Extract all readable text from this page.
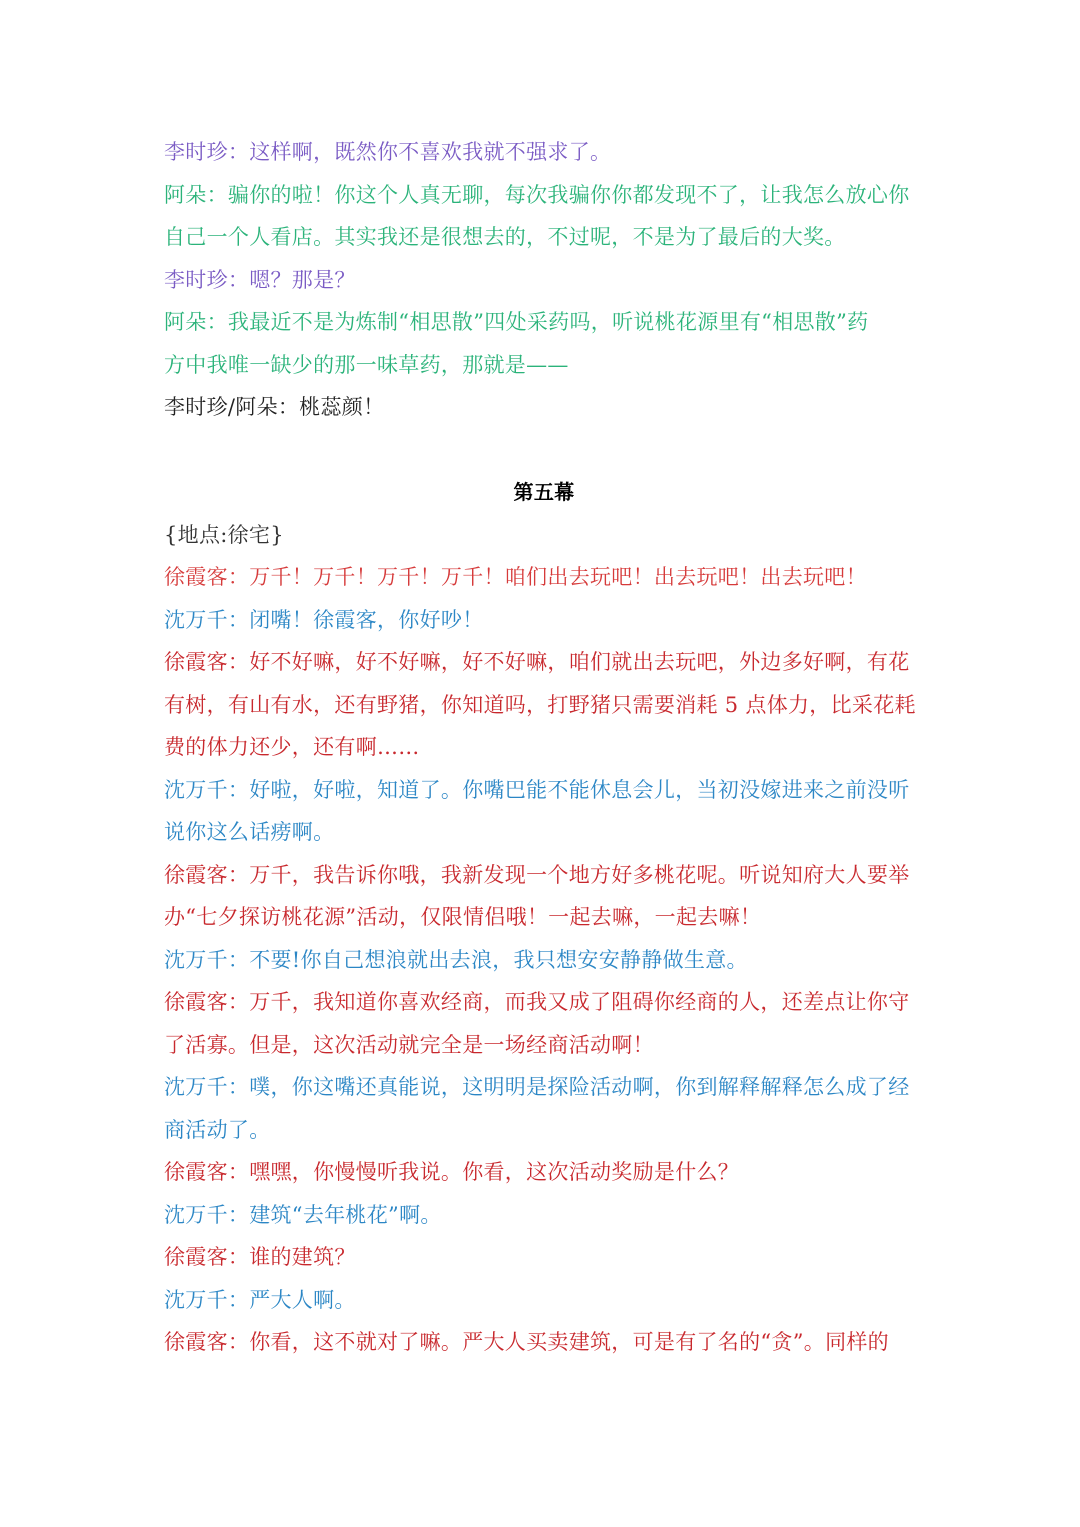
李时珍：这样啊，既然你不喜欢我就不强求了。
阿朵：骗你的啦！你这个人真无聊，每次我骗你你都发现不了，让我怎么放心你
自己一个人看店。其实我还是很想去的，不过呢，不是为了最后的大奖。
李时珍：嗯？那是？
阿朵：我最近不是为炼制“相思散”四处采药吗，听说桃花源里有“相思散”药
方中我唯一缺少的那一味草药，那就是——
李时珍/阿朵：桃蕊颜！
第五幕
{地点:徐宅}
徐霞客：万千！万千！万千！万千！咱们出去玩吧！出去玩吧！出去玩吧！
沈万千：闭嘴！徐霞客，你好吵！
徐霞客：好不好嘛，好不好嘛，好不好嘛，咱们就出去玩吧，外边多好啊，有花
有树，有山有水，还有野猪，你知道吗，打野猪只需要消耗 5 点体力，比采花耗
费的体力还少，还有啊……
沈万千：好啦，好啦，知道了。你嘴巴能不能休息会儿，当初没嫁进来之前没听
说你这么话痨啊。
徐霞客：万千，我告诉你哦，我新发现一个地方好多桃花呢。听说知府大人要举
办“七夕探访桃花源”活动，仅限情侣哦！一起去嘛，一起去嘛！
沈万千：不要!你自己想浪就出去浪，我只想安安静静做生意。
徐霞客：万千，我知道你喜欢经商，而我又成了阻碍你经商的人，还差点让你守
了活寡。但是，这次活动就完全是一场经商活动啊！
沈万千：噗，你这嘴还真能说，这明明是探险活动啊，你到解释解释怎么成了经
商活动了。
徐霞客：嘿嘿，你慢慢听我说。你看，这次活动奖励是什么？
沈万千：建筑“去年桃花”啊。
徐霞客：谁的建筑？
沈万千：严大人啊。
徐霞客：你看，这不就对了嘛。严大人买卖建筑，可是有了名的“贪”。同样的
